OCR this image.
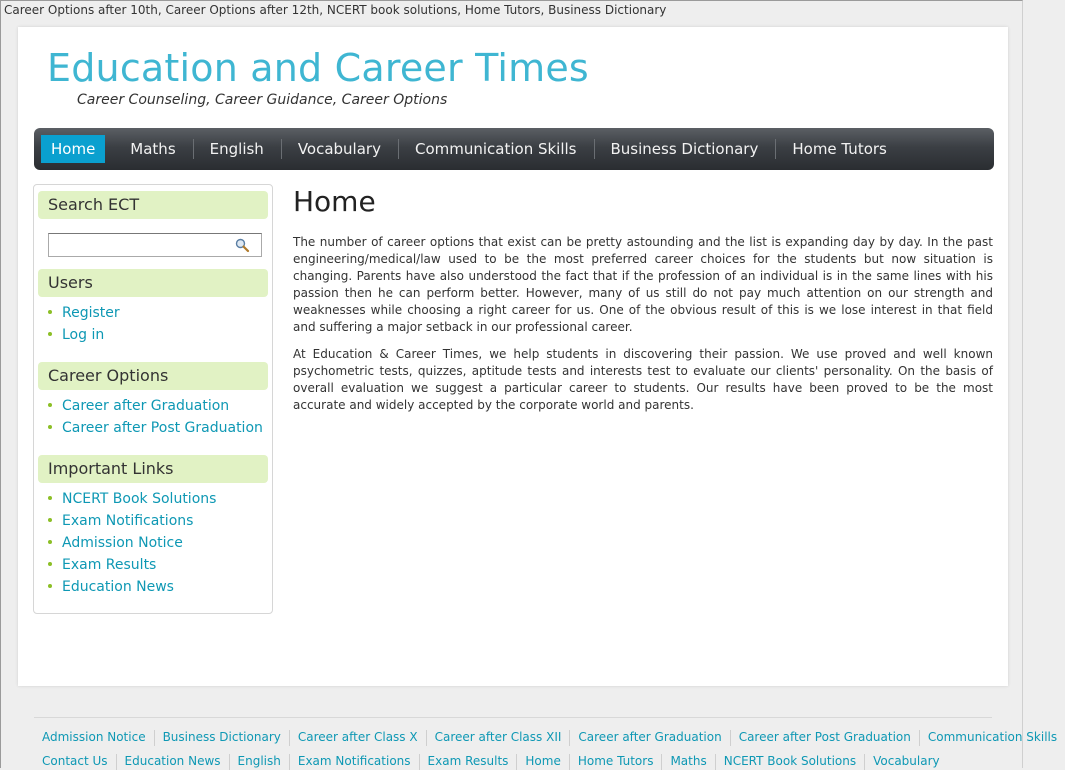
Career Options after 10th, Career Options after 12th, NCERT book solutions, Home Tutors, Business Dictionary
Education and Career Times
Career Counseling, Career Guidance, Career Options
Home	Maths	English	Vocabulary	Communication Skills	Business Dictionary	Home Tutors
Search ECT
Users
Register
Log in
Career Options
Career after Graduation
Career after Post Graduation
Important Links
NCERT Book Solutions
Exam Notifications
Admission Notice
Exam Results
Education News
Home

The number of career options that exist can be pretty astounding and the list is expanding day by day. In the past engineering/medical/law used to be the most preferred career choices for the students but now situation is changing. Parents have also understood the fact that if the profession of an individual is in the same lines with his passion then he can perform better. However, many of us still do not pay much attention on our strength and weaknesses while choosing a right career for us. One of the obvious result of this is we lose interest in that field and suffering a major setback in our professional career.

At Education & Career Times, we help students in discovering their passion. We use proved and well known psychometric tests, quizzes, aptitude tests and interests test to evaluate our clients' personality. On the basis of overall evaluation we suggest a particular career to students. Our results have been proved to be the most accurate and widely accepted by the corporate world and parents.

Admission Notice	Business Dictionary	Career after Class X	Career after Class XII	Career after Graduation	Career after Post Graduation	Communication Skills
Contact Us	Education News	English	Exam Notifications	Exam Results	Home	Home Tutors	Maths	NCERT Book Solutions	Vocabulary
